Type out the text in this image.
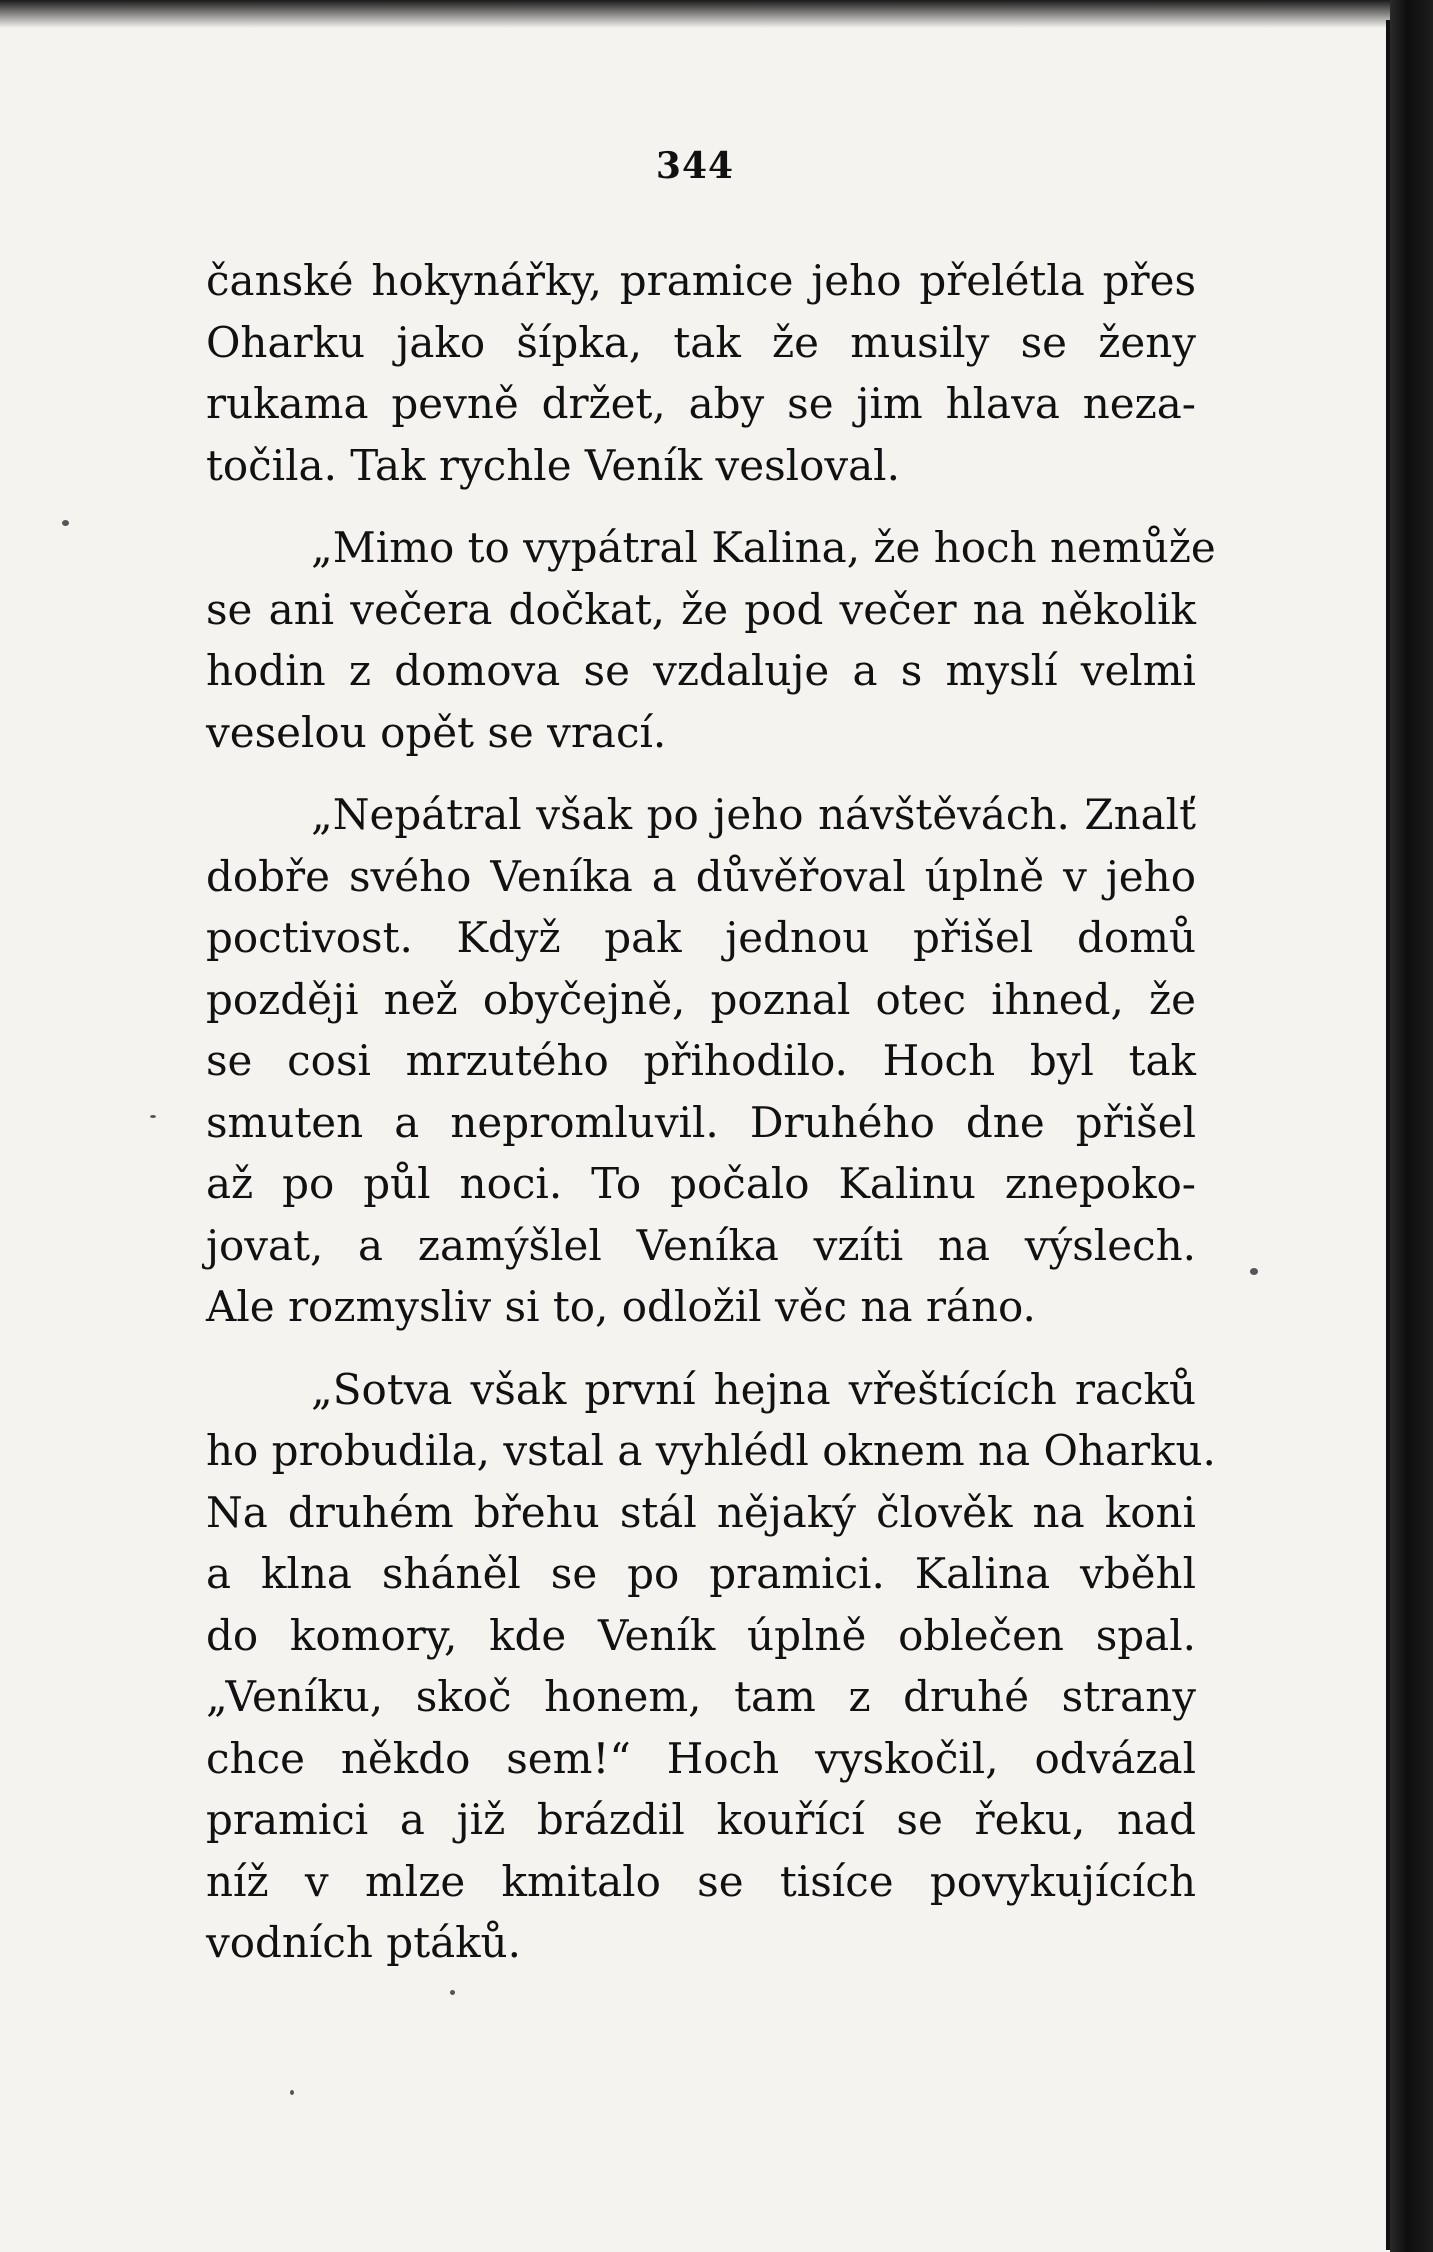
344
čanské hokynářky, pramice jeho přelétla přes
Oharku jako šípka, tak že musily se ženy
rukama pevně držet, aby se jim hlava neza-
točila. Tak rychle Veník vesloval.
„Mimo to vypátral Kalina, že hoch nemůže
se ani večera dočkat, že pod večer na několik
hodin z domova se vzdaluje a s myslí velmi
veselou opět se vrací.
„Nepátral však po jeho návštěvách. Znalť
dobře svého Veníka a důvěřoval úplně v jeho
poctivost. Když pak jednou přišel domů
později než obyčejně, poznal otec ihned, že
se cosi mrzutého přihodilo. Hoch byl tak
smuten a nepromluvil. Druhého dne přišel
až po půl noci. To počalo Kalinu znepoko-
jovat, a zamýšlel Veníka vzíti na výslech.
Ale rozmysliv si to, odložil věc na ráno.
„Sotva však první hejna vřeštících racků
ho probudila, vstal a vyhlédl oknem na Oharku.
Na druhém břehu stál nějaký člověk na koni
a klna sháněl se po pramici. Kalina vběhl
do komory, kde Veník úplně oblečen spal.
„Veníku, skoč honem, tam z druhé strany
chce někdo sem!“ Hoch vyskočil, odvázal
pramici a již brázdil kouřící se řeku, nad
níž v mlze kmitalo se tisíce povykujících
vodních ptáků.
